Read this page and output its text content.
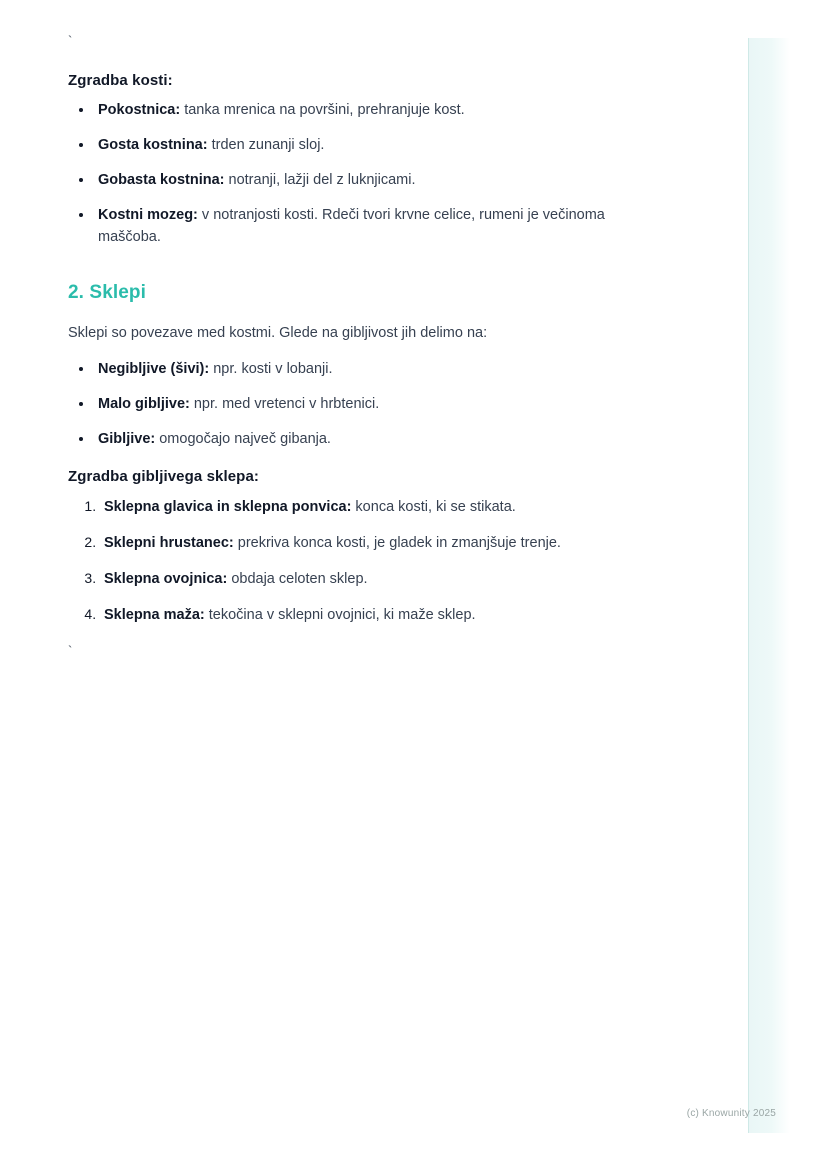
`
Zgradba kosti:
• Pokostnica: tanka mrenica na površini, prehranjuje kost.
• Gosta kostnina: trden zunanji sloj.
• Gobasta kostnina: notranji, lažji del z luknjicami.
• Kostni mozeg: v notranjosti kosti. Rdeči tvori krvne celice, rumeni je večinoma maščoba.
2. Sklepi

Sklepi so povezave med kostmi. Glede na gibljivost jih delimo na:

• Negibljive (šivi): npr. kosti v lobanji.
• Malo gibljive: npr. med vretenci v hrbtenici.
• Gibljive: omogočajo največ gibanja.
Zgradba gibljivega sklepa:
1. Sklepna glavica in sklepna ponvica: konca kosti, ki se stikata.
2. Sklepni hrustanec: prekriva konca kosti, je gladek in zmanjšuje trenje.
3. Sklepna ovojnica: obdaja celoten sklep.
4. Sklepna maža: tekočina v sklepni ovojnici, ki maže sklep.
`
(c) Knowunity 2025
